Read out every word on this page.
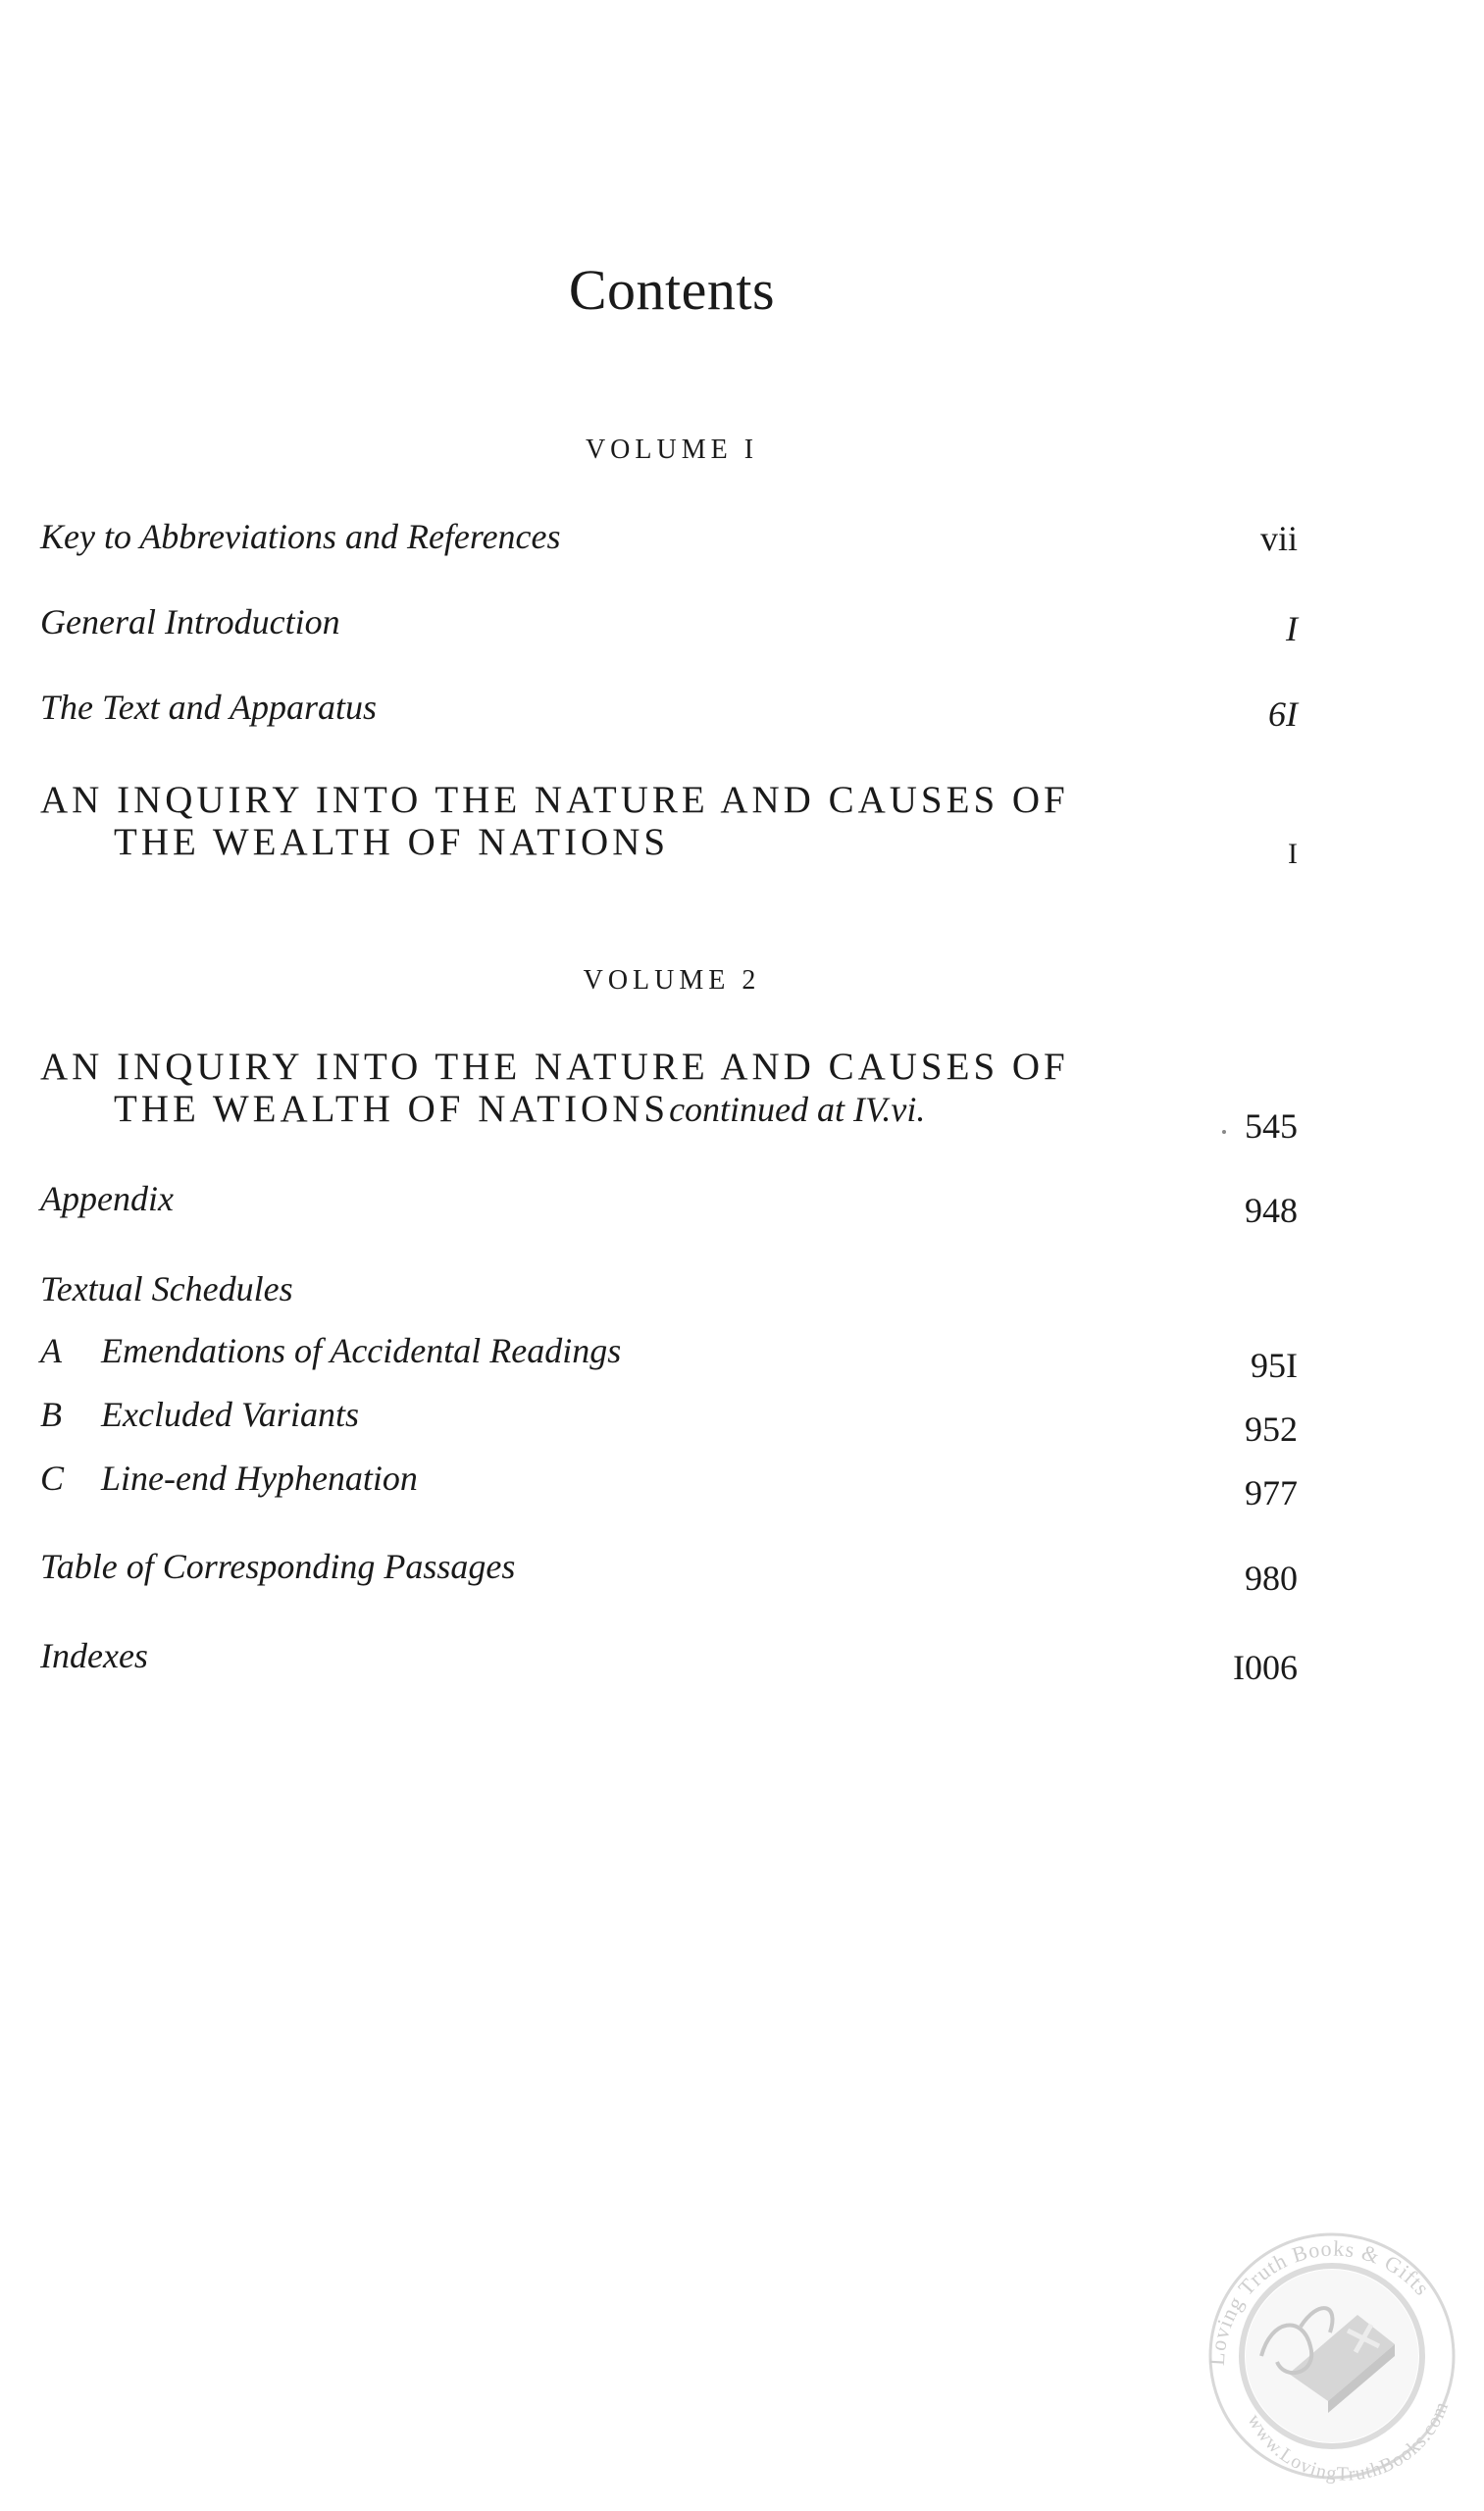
Contents
VOLUME I
Key to Abbreviations and References	vii
General Introduction	I
The Text and Apparatus	6I
AN INQUIRY INTO THE NATURE AND CAUSES OF
THE WEALTH OF NATIONS	I
VOLUME 2
AN INQUIRY INTO THE NATURE AND CAUSES OF
THE WEALTH OF NATIONScontinued at IV.vi.	545
Appendix	948
Textual Schedules
A Emendations of Accidental Readings	95I
B Excluded Variants	952
C Line-end Hyphenation	977
Table of Corresponding Passages	980
Indexes	I006
Loving Truth Books & Gifts
www.LovingTruthBooks.com
